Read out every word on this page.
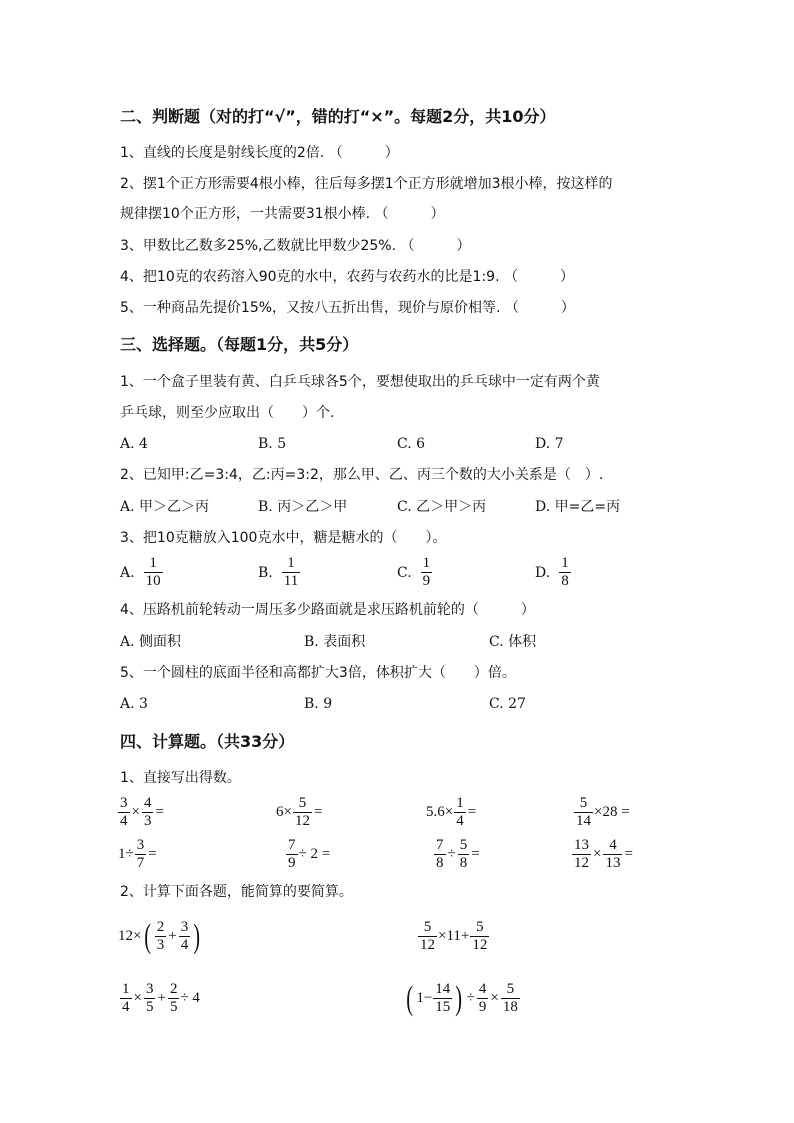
二、判断题（对的打“√”，错的打“×”。每题2分，共10分）
1、直线的长度是射线长度的2倍. （　　　）
2、摆1个正方形需要4根小棒，往后每多摆1个正方形就增加3根小棒，按这样的
规律摆10个正方形，一共需要31根小棒. （　　　）
3、甲数比乙数多25%,乙数就比甲数少25%. （　　　）
4、把10克的农药溶入90克的水中，农药与农药水的比是1:9. （　　　）
5、一种商品先提价15%，又按八五折出售，现价与原价相等. （　　　）
三、选择题。（每题1分，共5分）
1、一个盒子里装有黄、白乒乓球各5个，要想使取出的乒乓球中一定有两个黄
乒乓球，则至少应取出（　　）个.
A. 4	B. 5	C. 6	D. 7
2、已知甲:乙=3:4，乙:丙=3:2，那么甲、乙、丙三个数的大小关系是（　）.
A. 甲＞乙＞丙	B. 丙＞乙＞甲	C. 乙＞甲＞丙	D. 甲=乙=丙
3、把10克糖放入100克水中，糖是糖水的（　　）。
A. $\frac{1}{10}$	B. $\frac{1}{11}$	C. $\frac{1}{9}$	D. $\frac{1}{8}$
4、压路机前轮转动一周压多少路面就是求压路机前轮的（　　　）
A. 侧面积	B. 表面积	C. 体积
5、一个圆柱的底面半径和高都扩大3倍，体积扩大（　　）倍。
A. 3	B. 9	C. 27
四、计算题。（共33分）
1、直接写出得数。
$\frac{3}{4} \times \frac{4}{3}$ =	$6\times \frac{5}{12}$ =	$5.6\times \frac{1}{4}$ =	$\frac{5}{14} \times 28$ =
$1\div \frac{3}{7}$ =	$\frac{7}{9} \div 2$ =	$\frac{7}{8} \div \frac{5}{8}$ =	$\frac{13}{12} \times \frac{4}{13}$ =
2、计算下面各题，能简算的要简算。
12× ( $\frac{2}{3} + \frac{3}{4}$ )	$\frac{5}{12} \times 11+ \frac{5}{12}$
$\frac{1}{4} \times \frac{3}{5} + \frac{2}{5} \div 4$	( $1- \frac{14}{15}$ ) ÷ $\frac{4}{9} \times \frac{5}{18}$
